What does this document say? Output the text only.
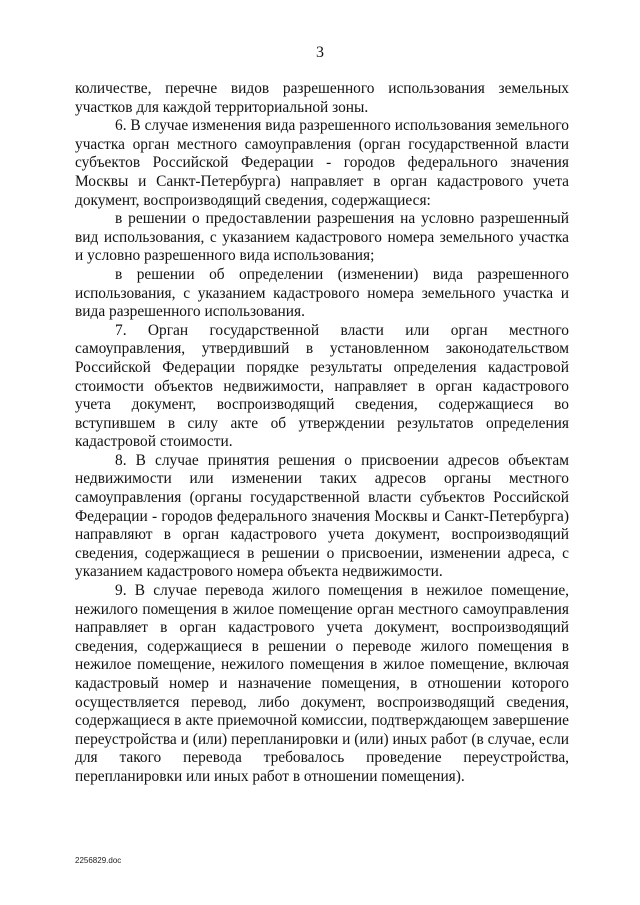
3

количестве, перечне видов разрешенного использования земельных участков для каждой территориальной зоны.

6. В случае изменения вида разрешенного использования земельного участка орган местного самоуправления (орган государственной власти субъектов Российской Федерации - городов федерального значения Москвы и Санкт-Петербурга) направляет в орган кадастрового учета документ, воспроизводящий сведения, содержащиеся:

в решении о предоставлении разрешения на условно разрешенный вид использования, с указанием кадастрового номера земельного участка и условно разрешенного вида использования;

в решении об определении (изменении) вида разрешенного использования, с указанием кадастрового номера земельного участка и вида разрешенного использования.

7. Орган государственной власти или орган местного самоуправления, утвердивший в установленном законодательством Российской Федерации порядке результаты определения кадастровой стоимости объектов недвижимости, направляет в орган кадастрового учета документ, воспроизводящий сведения, содержащиеся во вступившем в силу акте об утверждении результатов определения кадастровой стоимости.

8. В случае принятия решения о присвоении адресов объектам недвижимости или изменении таких адресов органы местного самоуправления (органы государственной власти субъектов Российской Федерации - городов федерального значения Москвы и Санкт-Петербурга) направляют в орган кадастрового учета документ, воспроизводящий сведения, содержащиеся в решении о присвоении, изменении адреса, с указанием кадастрового номера объекта недвижимости.

9. В случае перевода жилого помещения в нежилое помещение, нежилого помещения в жилое помещение орган местного самоуправления направляет в орган кадастрового учета документ, воспроизводящий сведения, содержащиеся в решении о переводе жилого помещения в нежилое помещение, нежилого помещения в жилое помещение, включая кадастровый номер и назначение помещения, в отношении которого осуществляется перевод, либо документ, воспроизводящий сведения, содержащиеся в акте приемочной комиссии, подтверждающем завершение переустройства и (или) перепланировки и (или) иных работ (в случае, если для такого перевода требовалось проведение переустройства, перепланировки или иных работ в отношении помещения).

2256829.doc
